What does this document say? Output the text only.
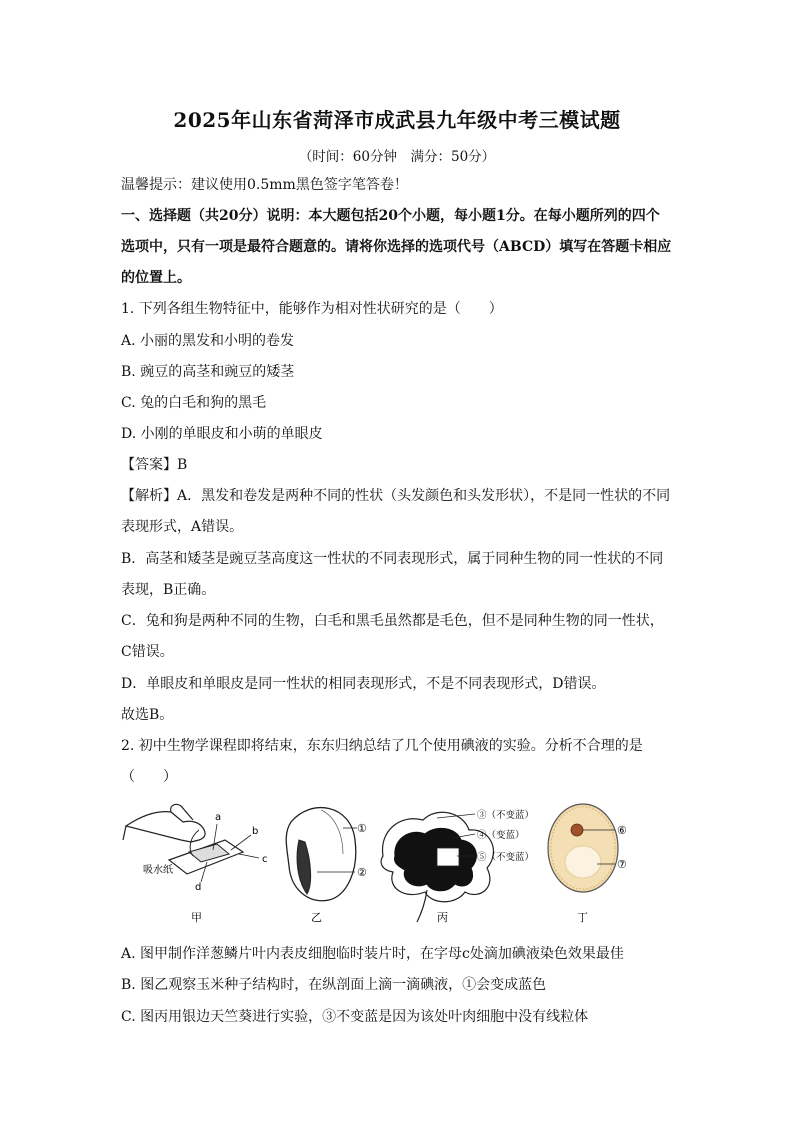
2025年山东省菏泽市成武县九年级中考三模试题
（时间：60分钟　满分：50分）
温馨提示：建议使用0.5mm黑色签字笔答卷！
一、选择题（共20分）说明：本大题包括20个小题，每小题1分。在每小题所列的四个
选项中，只有一项是最符合题意的。请将你选择的选项代号（ABCD）填写在答题卡相应
的位置上。
1. 下列各组生物特征中，能够作为相对性状研究的是（　　）
A. 小丽的黑发和小明的卷发
B. 豌豆的高茎和豌豆的矮茎
C. 兔的白毛和狗的黑毛
D. 小刚的单眼皮和小萌的单眼皮
【答案】B
【解析】A．黑发和卷发是两种不同的性状（头发颜色和头发形状），不是同一性状的不同
表现形式，A错误。
B．高茎和矮茎是豌豆茎高度这一性状的不同表现形式，属于同种生物的同一性状的不同
表现，B正确。
C．兔和狗是两种不同的生物，白毛和黑毛虽然都是毛色，但不是同种生物的同一性状，
C错误。
D．单眼皮和单眼皮是同一性状的相同表现形式，不是不同表现形式，D错误。
故选B。
2. 初中生物学课程即将结束，东东归纳总结了几个使用碘液的实验。分析不合理的是
（　　）
a
b
c
d
吸水纸
甲
①
②
乙
③（不变蓝）
④（变蓝）
⑤（不变蓝）
丙
⑥
⑦
丁
A. 图甲制作洋葱鳞片叶内表皮细胞临时装片时，在字母c处滴加碘液染色效果最佳
B. 图乙观察玉米种子结构时，在纵剖面上滴一滴碘液，①会变成蓝色
C. 图丙用银边天竺葵进行实验，③不变蓝是因为该处叶肉细胞中没有线粒体
